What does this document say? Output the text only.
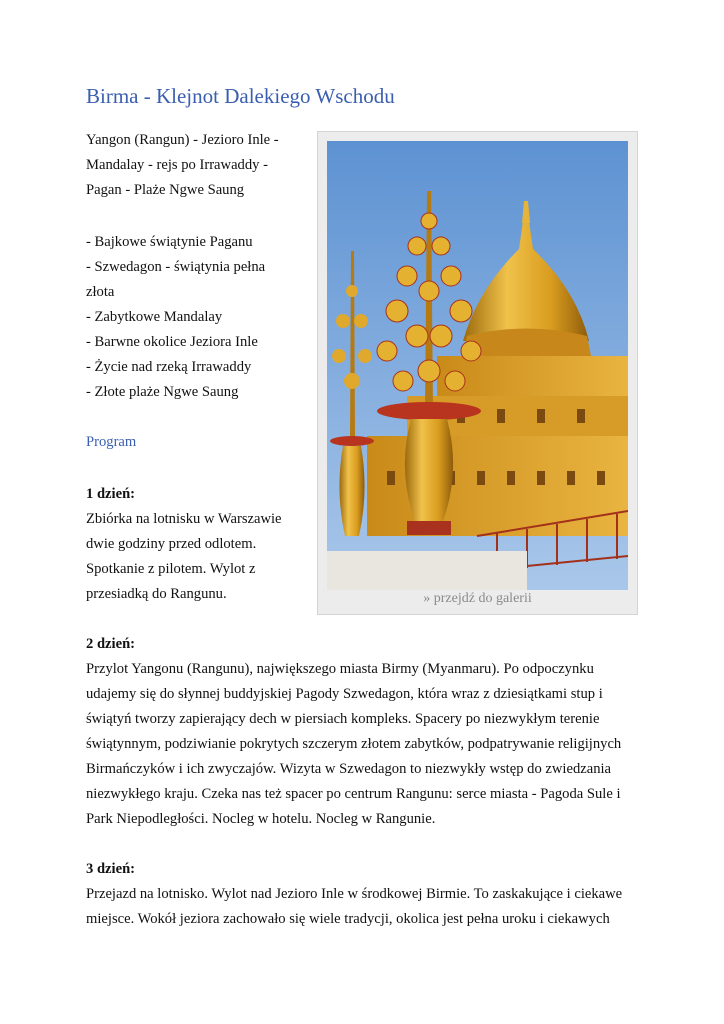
Birma - Klejnot Dalekiego Wschodu
Yangon (Rangun) - Jezioro Inle -
Mandalay - rejs po Irrawaddy -
Pagan - Plaże Ngwe Saung
- Bajkowe świątynie Paganu
- Szwedagon - świątynia pełna
złota
- Zabytkowe Mandalay
- Barwne okolice Jeziora Inle
- Życie nad rzeką Irrawaddy
- Złote plaże Ngwe Saung
Program
1 dzień:
Zbiórka na lotnisku w Warszawie
dwie godziny przed odlotem.
Spotkanie z pilotem. Wylot z
przesiadką do Rangunu.	» przejdź do galerii
2 dzień:
Przylot Yangonu (Rangunu), największego miasta Birmy (Myanmaru). Po odpoczynku
udajemy się do słynnej buddyjskiej Pagody Szwedagon, która wraz z dziesiątkami stup i
świątyń tworzy zapierający dech w piersiach kompleks. Spacery po niezwykłym terenie
świątynnym, podziwianie pokrytych szczerym złotem zabytków, podpatrywanie religijnych
Birmańczyków i ich zwyczajów. Wizyta w Szwedagon to niezwykły wstęp do zwiedzania
niezwykłego kraju. Czeka nas też spacer po centrum Rangunu: serce miasta - Pagoda Sule i
Park Niepodległości. Nocleg w hotelu. Nocleg w Rangunie.
3 dzień:
Przejazd na lotnisko. Wylot nad Jezioro Inle w środkowej Birmie. To zaskakujące i ciekawe
miejsce. Wokół jeziora zachowało się wiele tradycji, okolica jest pełna uroku i ciekawych
